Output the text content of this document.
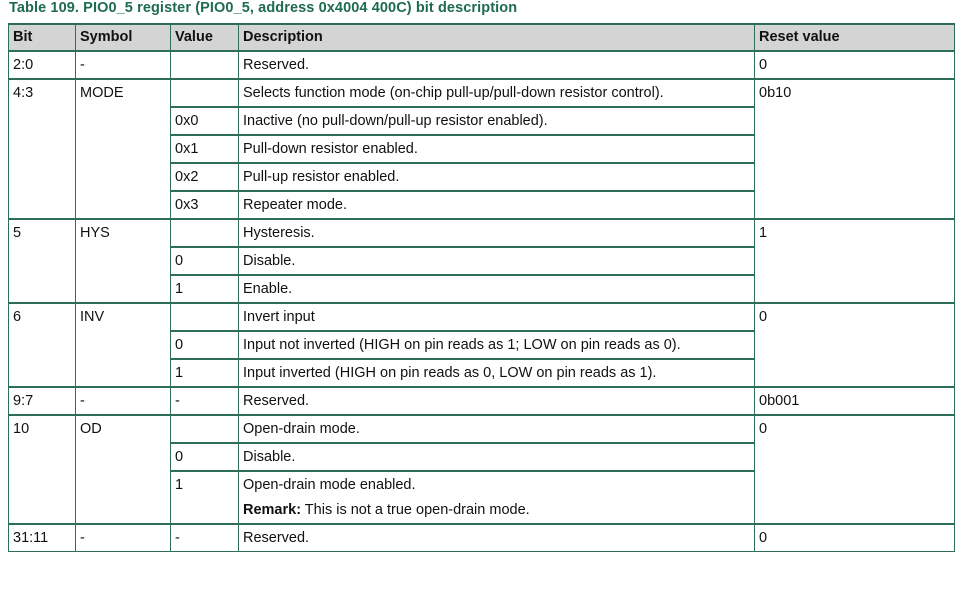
Table 109. PIO0_5 register (PIO0_5, address 0x4004 400C) bit description
Bit	Symbol	Value	Description	Reset value
2:0	-		Reserved.	0
4:3	MODE		Selects function mode (on-chip pull-up/pull-down resistor control).	0b10
		0x0	Inactive (no pull-down/pull-up resistor enabled).	
		0x1	Pull-down resistor enabled.	
		0x2	Pull-up resistor enabled.	
		0x3	Repeater mode.	
5	HYS		Hysteresis.	1
		0	Disable.	
		1	Enable.	
6	INV		Invert input	0
		0	Input not inverted (HIGH on pin reads as 1; LOW on pin reads as 0).	
		1	Input inverted (HIGH on pin reads as 0, LOW on pin reads as 1).	
9:7	-	-	Reserved.	0b001
10	OD		Open-drain mode.	0
		0	Disable.	
		1	Open-drain mode enabled.
Remark: This is not a true open-drain mode.	

31:11	-	-	Reserved.	0
